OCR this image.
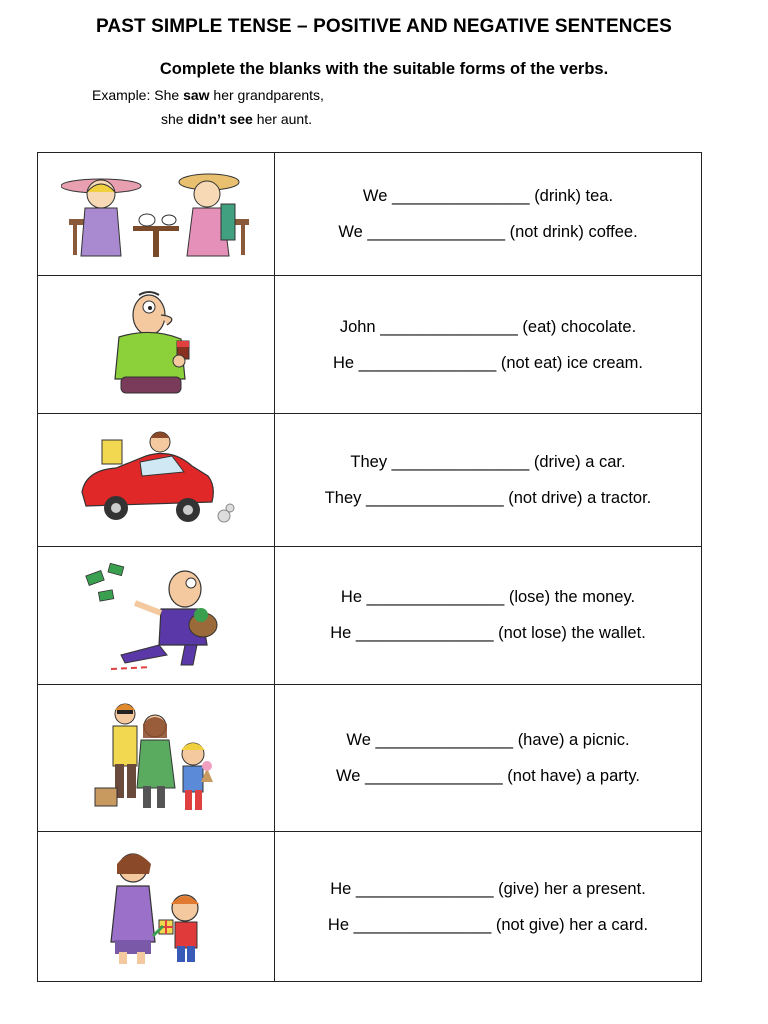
PAST SIMPLE TENSE – POSITIVE AND NEGATIVE SENTENCES
Complete the blanks with the suitable forms of the verbs.
Example: She saw her grandparents,
she didn’t see her aunt.

We _______________ (drink) tea.
We _______________ (not drink) coffee.

John _______________ (eat) chocolate.
He _______________ (not eat) ice cream.

They _______________ (drive) a car.
They _______________ (not drive) a tractor.

He _______________ (lose) the money.
He _______________ (not lose) the wallet.

We _______________ (have) a picnic.
We _______________ (not have) a party.

He _______________ (give) her a present.
He _______________ (not give) her a card.
